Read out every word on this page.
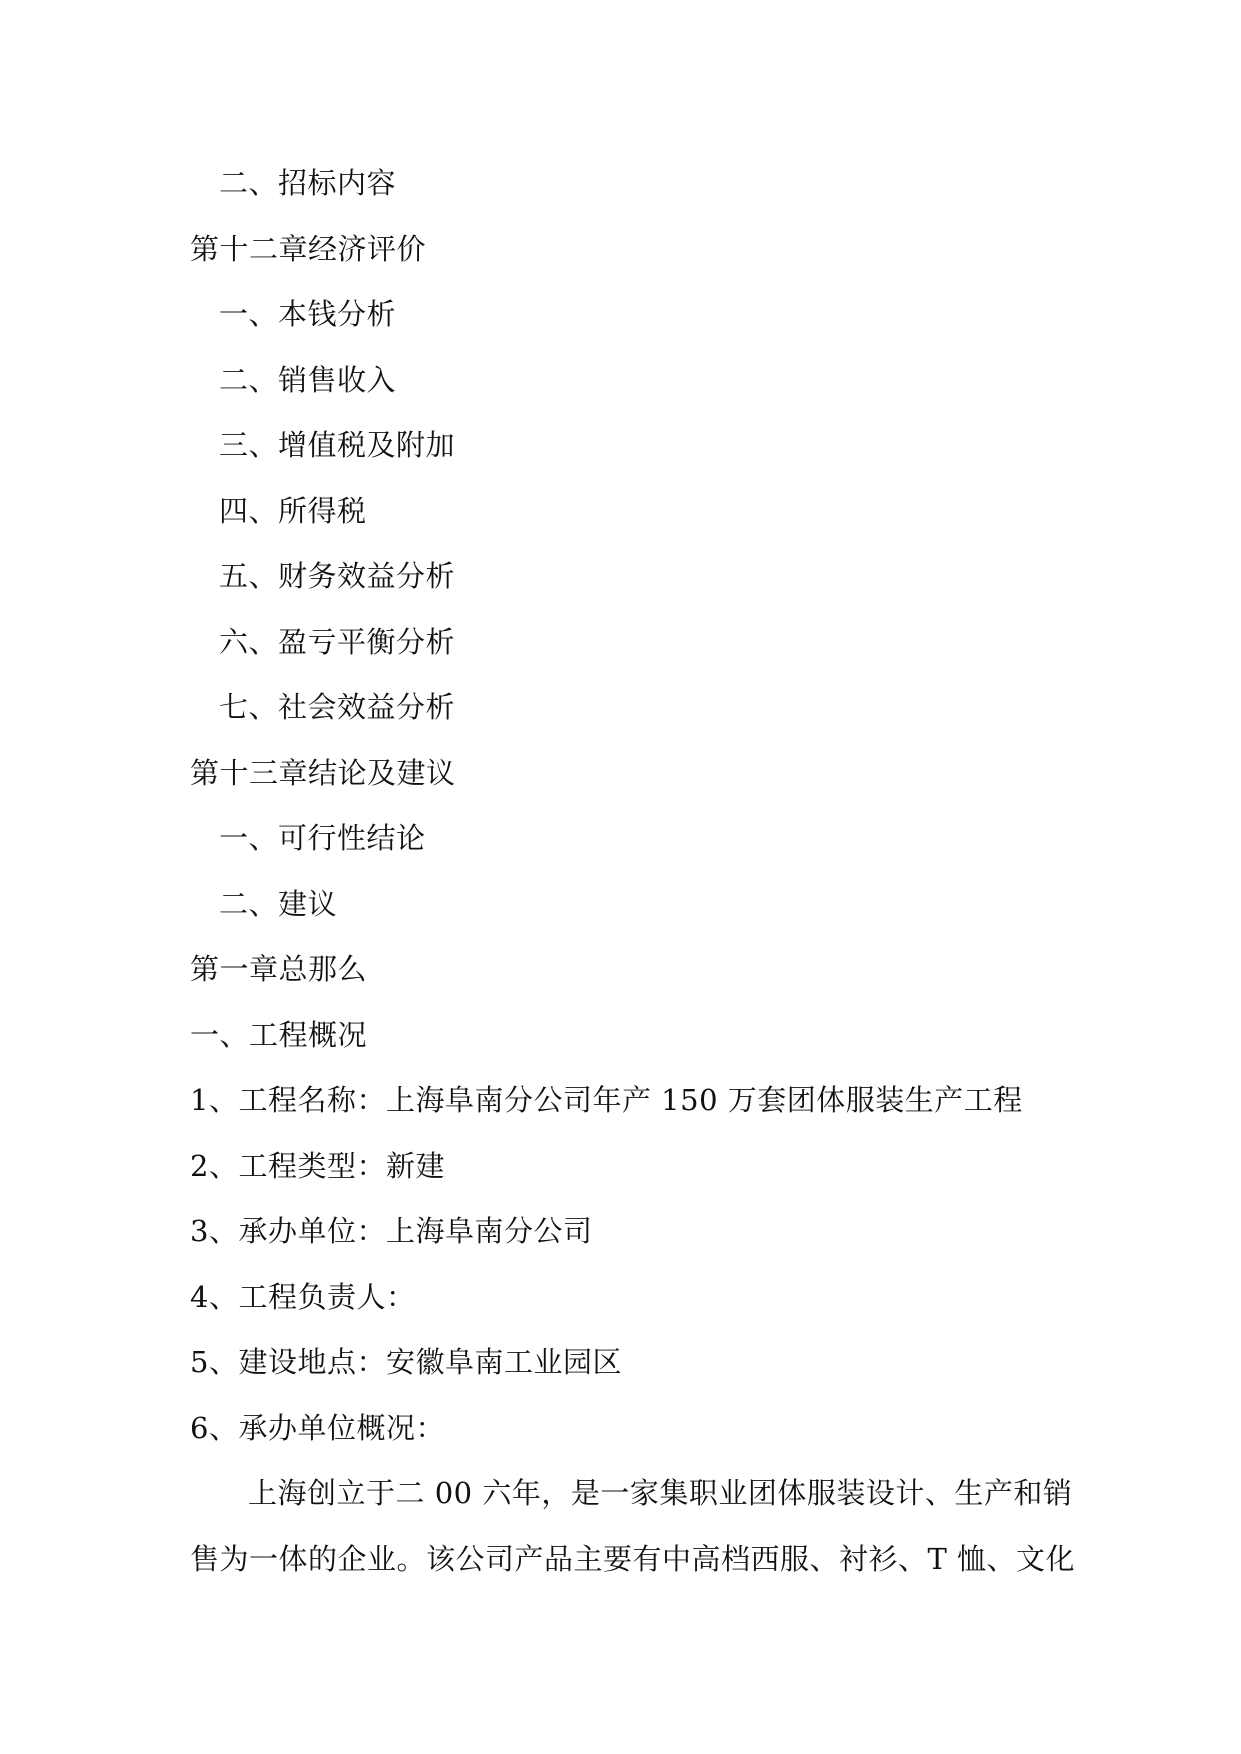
二、招标内容
第十二章经济评价
一、本钱分析
二、销售收入
三、增值税及附加
四、所得税
五、财务效益分析
六、盈亏平衡分析
七、社会效益分析
第十三章结论及建议
一、可行性结论
二、建议
第一章总那么
一、工程概况
1、工程名称：上海阜南分公司年产 150 万套团体服装生产工程
2、工程类型：新建
3、承办单位：上海阜南分公司
4、工程负责人：
5、建设地点：安徽阜南工业园区
6、承办单位概况：
上海创立于二 00 六年，是一家集职业团体服装设计、生产和销
售为一体的企业。该公司产品主要有中高档西服、衬衫、T 恤、文化
